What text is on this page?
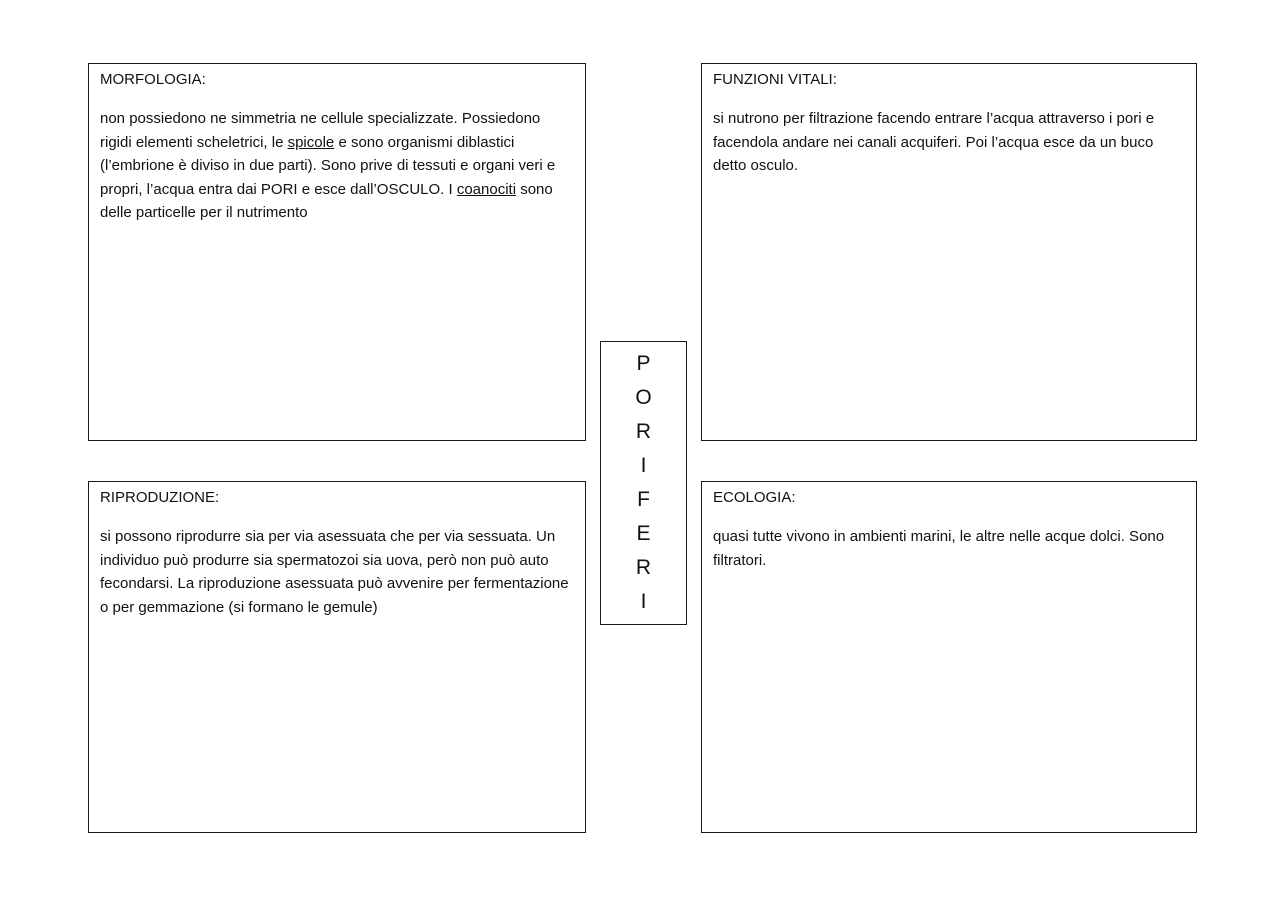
MORFOLOGIA:

non possiedono ne simmetria ne cellule specializzate. Possiedono rigidi elementi scheletrici, le spicole e sono organismi diblastici (l’embrione è diviso in due parti). Sono prive di tessuti e organi veri e propri, l’acqua entra dai PORI e esce dall’OSCULO. I coanociti sono delle particelle per il nutrimento

FUNZIONI VITALI:

si nutrono per filtrazione facendo entrare l’acqua attraverso i pori e facendola andare nei canali acquiferi. Poi l’acqua esce da un buco detto osculo.

P
O
R
I
F
E
R
I

RIPRODUZIONE:

si possono riprodurre sia per via asessuata che per via sessuata. Un individuo può produrre sia spermatozoi sia uova, però non può auto fecondarsi. La riproduzione asessuata può avvenire per fermentazione o per gemmazione (si formano le gemule)

ECOLOGIA:

quasi tutte vivono in ambienti marini, le altre nelle acque dolci. Sono filtratori.
